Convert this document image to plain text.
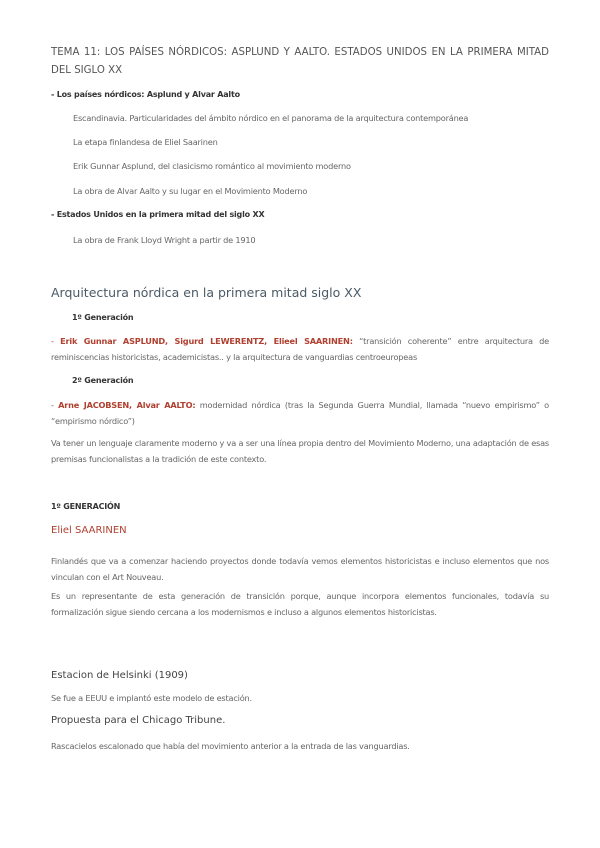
TEMA 11: LOS PAÍSES NÓRDICOS: ASPLUND Y AALTO. ESTADOS UNIDOS EN LA PRIMERA MITAD DEL SIGLO XX
- Los países nórdicos: Asplund y Alvar Aalto
Escandinavia. Particularidades del ámbito nórdico en el panorama de la arquitectura contemporánea
La etapa finlandesa de Eliel Saarinen
Erik Gunnar Asplund, del clasicismo romántico al movimiento moderno
La obra de Alvar Aalto y su lugar en el Movimiento Moderno
- Estados Unidos en la primera mitad del siglo XX
La obra de Frank Lloyd Wright a partir de 1910
Arquitectura nórdica en la primera mitad siglo XX
1º Generación
- Erik Gunnar ASPLUND, Sigurd LEWERENTZ, Elieel SAARINEN: “transición coherente” entre arquitectura de reminiscencias historicistas, academicistas.. y la arquitectura de vanguardias centroeuropeas
2º Generación
- Arne JACOBSEN, Alvar AALTO: modernidad nórdica (tras la Segunda Guerra Mundial, llamada “nuevo empirismo” o “empirismo nórdico”)
Va tener un lenguaje claramente moderno y va a ser una línea propia dentro del Movimiento Moderno, una adaptación de esas premisas funcionalistas a la tradición de este contexto.
1º GENERACIÓN
Eliel SAARINEN
Finlandés que va a comenzar haciendo proyectos donde todavía vemos elementos historicistas e incluso elementos que nos vinculan con el Art Nouveau.
Es un representante de esta generación de transición porque, aunque incorpora elementos funcionales, todavía su formalización sigue siendo cercana a los modernismos e incluso a algunos elementos historicistas.
Estacion de Helsinki (1909)
Se fue a EEUU e implantó este modelo de estación.
Propuesta para el Chicago Tribune.
Rascacielos escalonado que había del movimiento anterior a la entrada de las vanguardias.
